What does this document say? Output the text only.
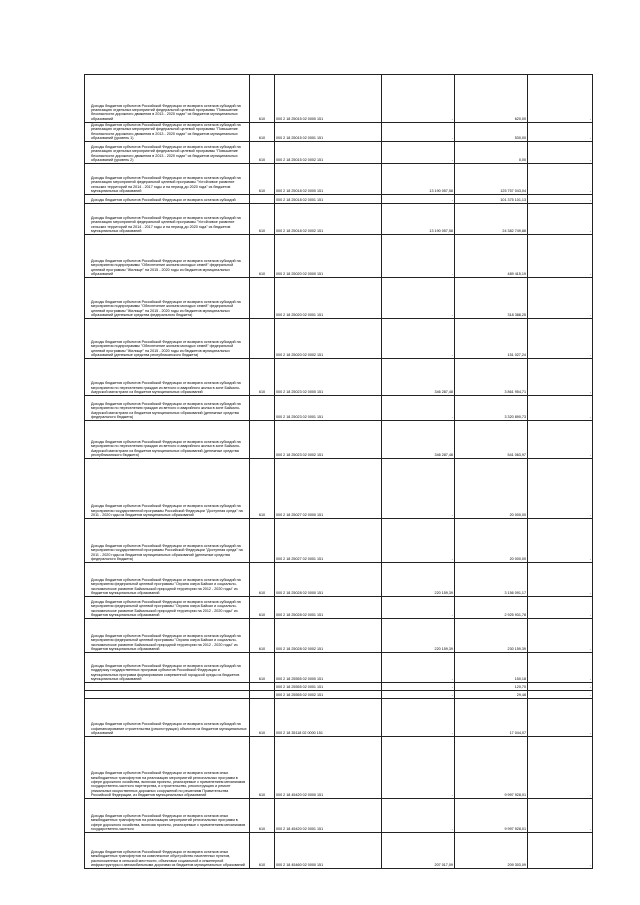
Доходы бюджетов субъектов Российской Федерации от возврата остатков субсидий на реализацию отдельных мероприятий федеральной целевой программы "Повышение безопасности дорожного движения в 2013 - 2020 годах" из бюджетов муниципальных образований	610	000 2 18 25015 02 0000 151	-	620,00	-

Доходы бюджетов субъектов Российской Федерации от возврата остатков субсидий на реализацию отдельных мероприятий федеральной целевой программы "Повышение безопасности дорожного движения в 2013 - 2020 годах" из бюджетов муниципальных образований (уровень 1)	610	000 2 18 25015 02 0001 151	-	530,00	-

Доходы бюджетов субъектов Российской Федерации от возврата остатков субсидий на реализацию отдельных мероприятий федеральной целевой программы "Повышение безопасности дорожного движения в 2013 - 2020 годах" из бюджетов муниципальных образований (уровень 2)	610	000 2 18 25015 02 0002 151	-	0,00	-

Доходы бюджетов субъектов Российской Федерации от возврата остатков субсидий на реализацию мероприятий федеральной целевой программы "Устойчивое развитие сельских территорий на 2014 - 2017 годы и на период до 2020 года" из бюджетов муниципальных образований	610	000 2 18 25018 02 0000 151	13 190 057,58	125 757 043,04	-

Доходы бюджетов субъектов Российской Федерации от возврата остатков субсидий		000 2 18 25018 02 0001 151	-	101 375 101,13	-

Доходы бюджетов субъектов Российской Федерации от возврата остатков субсидий на реализацию мероприятий федеральной целевой программы "Устойчивое развитие сельских территорий на 2014 - 2017 годы и на период до 2020 года" из бюджетов муниципальных образований	610	000 2 18 25018 02 0002 151	13 190 057,58	24 382 749,88	-

Доходы бюджетов субъектов Российской Федерации от возврата остатков субсидий на мероприятия подпрограммы "Обеспечение жильем молодых семей" федеральной целевой программы "Жилище" на 2015 - 2020 годы из бюджетов муниципальных образований	610	000 2 18 25020 02 0000 151	-	489 415,19	-

Доходы бюджетов субъектов Российской Федерации от возврата остатков субсидий на мероприятия подпрограммы "Обеспечение жильем молодых семей" федеральной целевой программы "Жилище" на 2015 - 2020 годы из бюджетов муниципальных образований (денежные средства федерального бюджета)		000 2 18 25020 02 0001 151	-	318 388,25	-

Доходы бюджетов субъектов Российской Федерации от возврата остатков субсидий на мероприятия подпрограммы "Обеспечение жильем молодых семей" федеральной целевой программы "Жилище" на 2015 - 2020 годы из бюджетов муниципальных образований (денежные средства республиканского бюджета)		000 2 18 25020 02 0002 151	-	151 027,24	-

Доходы бюджетов субъектов Российской Федерации от возврата остатков субсидий на мероприятия по переселению граждан из ветхого и аварийного жилья в зоне Байкало-Амурской магистрали из бюджетов муниципальных образований	610	000 2 18 25023 02 0000 151	346 287,48	3 861 954,71	-

Доходы бюджетов субъектов Российской Федерации от возврата остатков субсидий на мероприятия по переселению граждан из ветхого и аварийного жилья в зоне Байкало-Амурской магистрали из бюджетов муниципальных образований (денежные средства федерального бюджета)		000 2 18 25023 02 0001 151	-	3 320 890,73	-

Доходы бюджетов субъектов Российской Федерации от возврата остатков субсидий на мероприятия по переселению граждан из ветхого и аварийного жилья в зоне Байкало-Амурской магистрали из бюджетов муниципальных образований (денежные средства республиканского бюджета)		000 2 18 25023 02 0002 151	346 287,48	541 063,97	-

Доходы бюджетов субъектов Российской Федерации от возврата остатков субсидий на мероприятия государственной программы Российской Федерации "Доступная среда" на 2011 - 2020 годы из бюджетов муниципальных образований	610	000 2 18 25027 02 0000 151	-	20 000,00	-

Доходы бюджетов субъектов Российской Федерации от возврата остатков субсидий на мероприятия государственной программы Российской Федерации "Доступная среда" на 2011 - 2020 годы из бюджетов муниципальных образований (денежные средства федерального бюджета)		000 2 18 25027 02 0001 151	-	20 000,00	-

Доходы бюджетов субъектов Российской Федерации от возврата остатков субсидий на мероприятия федеральной целевой программы "Охрана озера Байкал и социально-экономическое развитие Байкальской природной территории на 2012 - 2020 годы" из бюджетов муниципальных образований	610	000 2 18 25028 02 0000 151	220 159,39	3 156 091,17	-

Доходы бюджетов субъектов Российской Федерации от возврата остатков субсидий на мероприятия федеральной целевой программы "Охрана озера Байкал и социально-экономическое развитие Байкальской природной территории на 2012 - 2020 годы" из бюджетов муниципальных образований	610	000 2 18 25028 02 0001 151	-	2 925 931,78	-

Доходы бюджетов субъектов Российской Федерации от возврата остатков субсидий на мероприятия федеральной целевой программы "Охрана озера Байкал и социально-экономическое развитие Байкальской природной территории на 2012 - 2020 годы" из бюджетов муниципальных образований	610	000 2 18 25028 02 0002 151	220 159,39	230 159,39	-

Доходы бюджетов субъектов Российской Федерации от возврата остатков субсидий на поддержку государственных программ субъектов Российской Федерации и муниципальных программ формирования современной городской среды из бюджетов муниципальных образований	610	000 2 18 25555 02 0000 151	-	150,18	-

		000 2 18 25555 02 0001 151	-	120,70	-

		000 2 18 25555 02 0002 151	-	29,48	-

Доходы бюджетов субъектов Российской Федерации от возврата остатков субсидий на софинансирование строительства (реконструкции) объектов из бюджетов муниципальных образований	610	000 2 18 35118 02 0000 151	-	17 044,07	-

Доходы бюджетов субъектов Российской Федерации от возврата остатков иных межбюджетных трансфертов на реализацию мероприятий региональных программ в сфере дорожного хозяйства, включая проекты, реализуемые с применением механизмов государственно-частного партнерства, и строительство, реконструкцию и ремонт уникальных искусственных дорожных сооружений по решениям Правительства Российской Федерации, из бюджетов муниципальных образований	610	000 2 18 45420 02 0000 151	-	9 997 928,01	-

Доходы бюджетов субъектов Российской Федерации от возврата остатков иных межбюджетных трансфертов на реализацию мероприятий региональных программ в сфере дорожного хозяйства, включая проекты, реализуемые с применением механизмов государственно-частного	610	000 2 18 45420 02 0001 151	-	9 997 928,01	-

Доходы бюджетов субъектов Российской Федерации от возврата остатков иных межбюджетных трансфертов на комплексное обустройство населенных пунктов, расположенных в сельской местности, объектами социальной и инженерной инфраструктуры и автомобильными дорогами из бюджетов муниципальных образований	610	000 2 18 45460 02 0000 151	207 017,09	209 303,09	-
